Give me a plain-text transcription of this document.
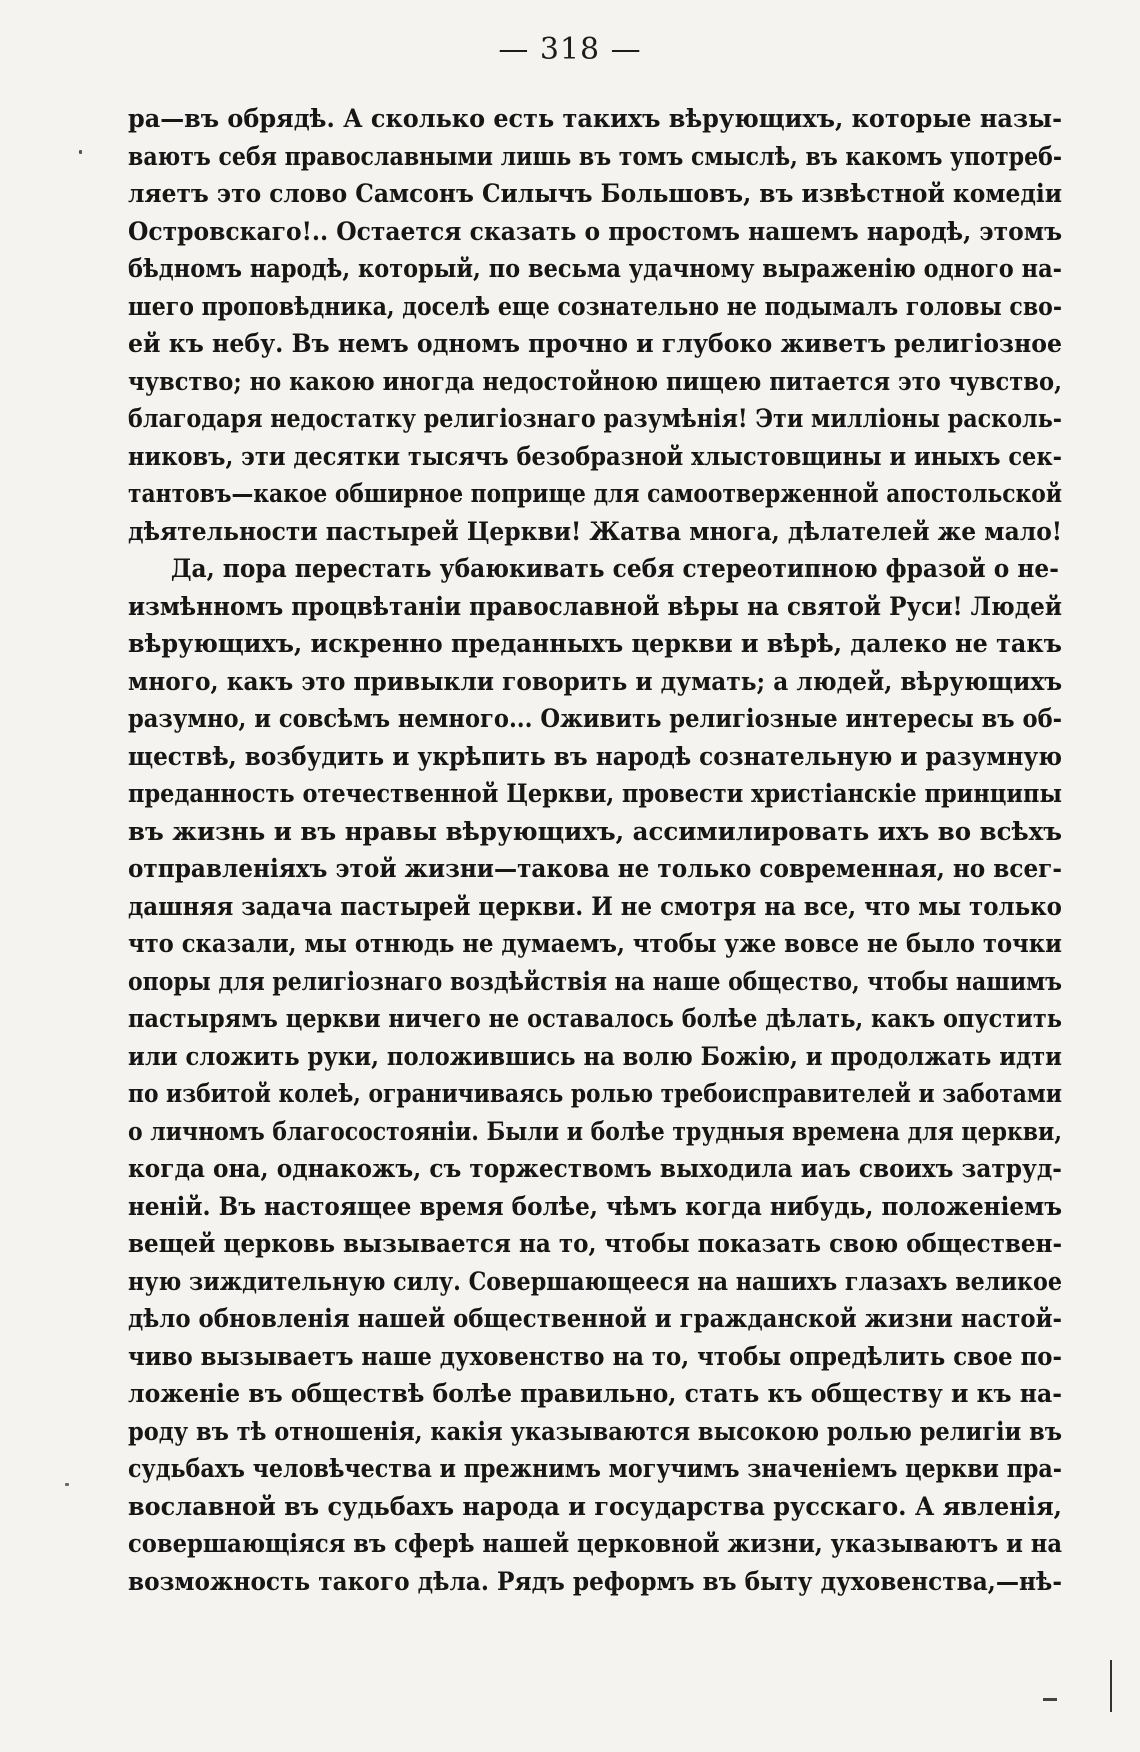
— 318 —
ра—въ обрядѣ. А сколько есть такихъ вѣрующихъ, которые назы-
ваютъ себя православными лишь въ томъ смыслѣ, въ какомъ употреб-
ляетъ это слово Самсонъ Силычъ Большовъ, въ извѣстной комедіи
Островскаго!.. Остается сказать о простомъ нашемъ народѣ, этомъ
бѣдномъ народѣ, который, по весьма удачному выраженію одного на-
шего проповѣдника, доселѣ еще сознательно не подымалъ головы сво-
ей къ небу. Въ немъ одномъ прочно и глубоко живетъ религіозное
чувство; но какою иногда недостойною пищею питается это чувство,
благодаря недостатку религіознаго разумѣнія! Эти милліоны расколь-
никовъ, эти десятки тысячъ безобразной хлыстовщины и иныхъ сек-
тантовъ—какое обширное поприще для самоотверженной апостольской
дѣятельности пастырей Церкви! Жатва многа, дѣлателей же мало!
Да, пора перестать убаюкивать себя стереотипною фразой о не-
измѣнномъ процвѣтаніи православной вѣры на святой Руси! Людей
вѣрующихъ, искренно преданныхъ церкви и вѣрѣ, далеко не такъ
много, какъ это привыкли говорить и думать; а людей, вѣрующихъ
разумно, и совсѣмъ немного... Оживить религіозные интересы въ об-
ществѣ, возбудить и укрѣпить въ народѣ сознательную и разумную
преданность отечественной Церкви, провести христіанскіе принципы
въ жизнь и въ нравы вѣрующихъ, ассимилировать ихъ во всѣхъ
отправленіяхъ этой жизни—такова не только современная, но всег-
дашняя задача пастырей церкви. И не смотря на все, что мы только
что сказали, мы отнюдь не думаемъ, чтобы уже вовсе не было точки
опоры для религіознаго воздѣйствія на наше общество, чтобы нашимъ
пастырямъ церкви ничего не оставалось болѣе дѣлать, какъ опустить
или сложить руки, положившись на волю Божію, и продолжать идти
по избитой колеѣ, ограничиваясь ролью требоисправителей и заботами
о личномъ благосостояніи. Были и болѣе трудныя времена для церкви,
когда она, однакожъ, съ торжествомъ выходила иаъ своихъ затруд-
неній. Въ настоящее время болѣе, чѣмъ когда нибудь, положеніемъ
вещей церковь вызывается на то, чтобы показать свою обществен-
ную зиждительную силу. Совершающееся на нашихъ глазахъ великое
дѣло обновленія нашей общественной и гражданской жизни настой-
чиво вызываетъ наше духовенство на то, чтобы опредѣлить свое по-
ложеніе въ обществѣ болѣе правильно, стать къ обществу и къ на-
роду въ тѣ отношенія, какія указываются высокою ролью религіи въ
судьбахъ человѣчества и прежнимъ могучимъ значеніемъ церкви пра-
вославной въ судьбахъ народа и государства русскаго. А явленія,
совершающіяся въ сферѣ нашей церковной жизни, указываютъ и на
возможность такого дѣла. Рядъ реформъ въ быту духовенства,—нѣ-
